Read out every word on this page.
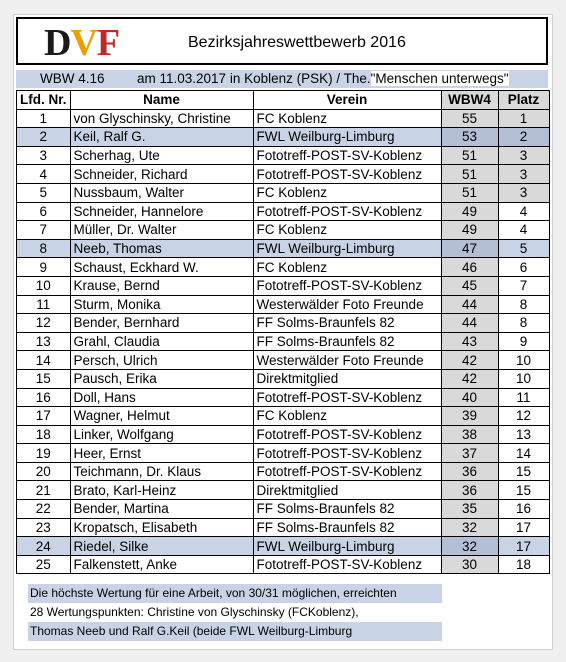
DVF	Bezirksjahreswettbewerb 2016
WBW 4.16 am 11.03.2017 in Koblenz (PSK) / The."Menschen unterwegs"
Lfd. Nr.	Name	Verein	WBW4	Platz
1	von Glyschinsky, Christine	FC Koblenz	55	1
2	Keil, Ralf G.	FWL Weilburg-Limburg	53	2
3	Scherhag, Ute	Fototreff-POST-SV-Koblenz	51	3
4	Schneider, Richard	Fototreff-POST-SV-Koblenz	51	3
5	Nussbaum, Walter	FC Koblenz	51	3
6	Schneider, Hannelore	Fototreff-POST-SV-Koblenz	49	4
7	Müller, Dr. Walter	FC Koblenz	49	4
8	Neeb, Thomas	FWL Weilburg-Limburg	47	5
9	Schaust, Eckhard W.	FC Koblenz	46	6
10	Krause, Bernd	Fototreff-POST-SV-Koblenz	45	7
11	Sturm, Monika	Westerwälder Foto Freunde	44	8
12	Bender, Bernhard	FF Solms-Braunfels 82	44	8
13	Grahl, Claudia	FF Solms-Braunfels 82	43	9
14	Persch, Ulrich	Westerwälder Foto Freunde	42	10
15	Pausch, Erika	Direktmitglied	42	10
16	Doll, Hans	Fototreff-POST-SV-Koblenz	40	11
17	Wagner, Helmut	FC Koblenz	39	12
18	Linker, Wolfgang	Fototreff-POST-SV-Koblenz	38	13
19	Heer, Ernst	Fototreff-POST-SV-Koblenz	37	14
20	Teichmann, Dr. Klaus	Fototreff-POST-SV-Koblenz	36	15
21	Brato, Karl-Heinz	Direktmitglied	36	15
22	Bender, Martina	FF Solms-Braunfels 82	35	16
23	Kropatsch, Elisabeth	FF Solms-Braunfels 82	32	17
24	Riedel, Silke	FWL Weilburg-Limburg	32	17
25	Falkenstett, Anke	Fototreff-POST-SV-Koblenz	30	18
Die höchste Wertung für eine Arbeit, von 30/31 möglichen, erreichten
28 Wertungspunkten: Christine von Glyschinsky (FCKoblenz),
Thomas Neeb und Ralf G.Keil (beide FWL Weilburg-Limburg
